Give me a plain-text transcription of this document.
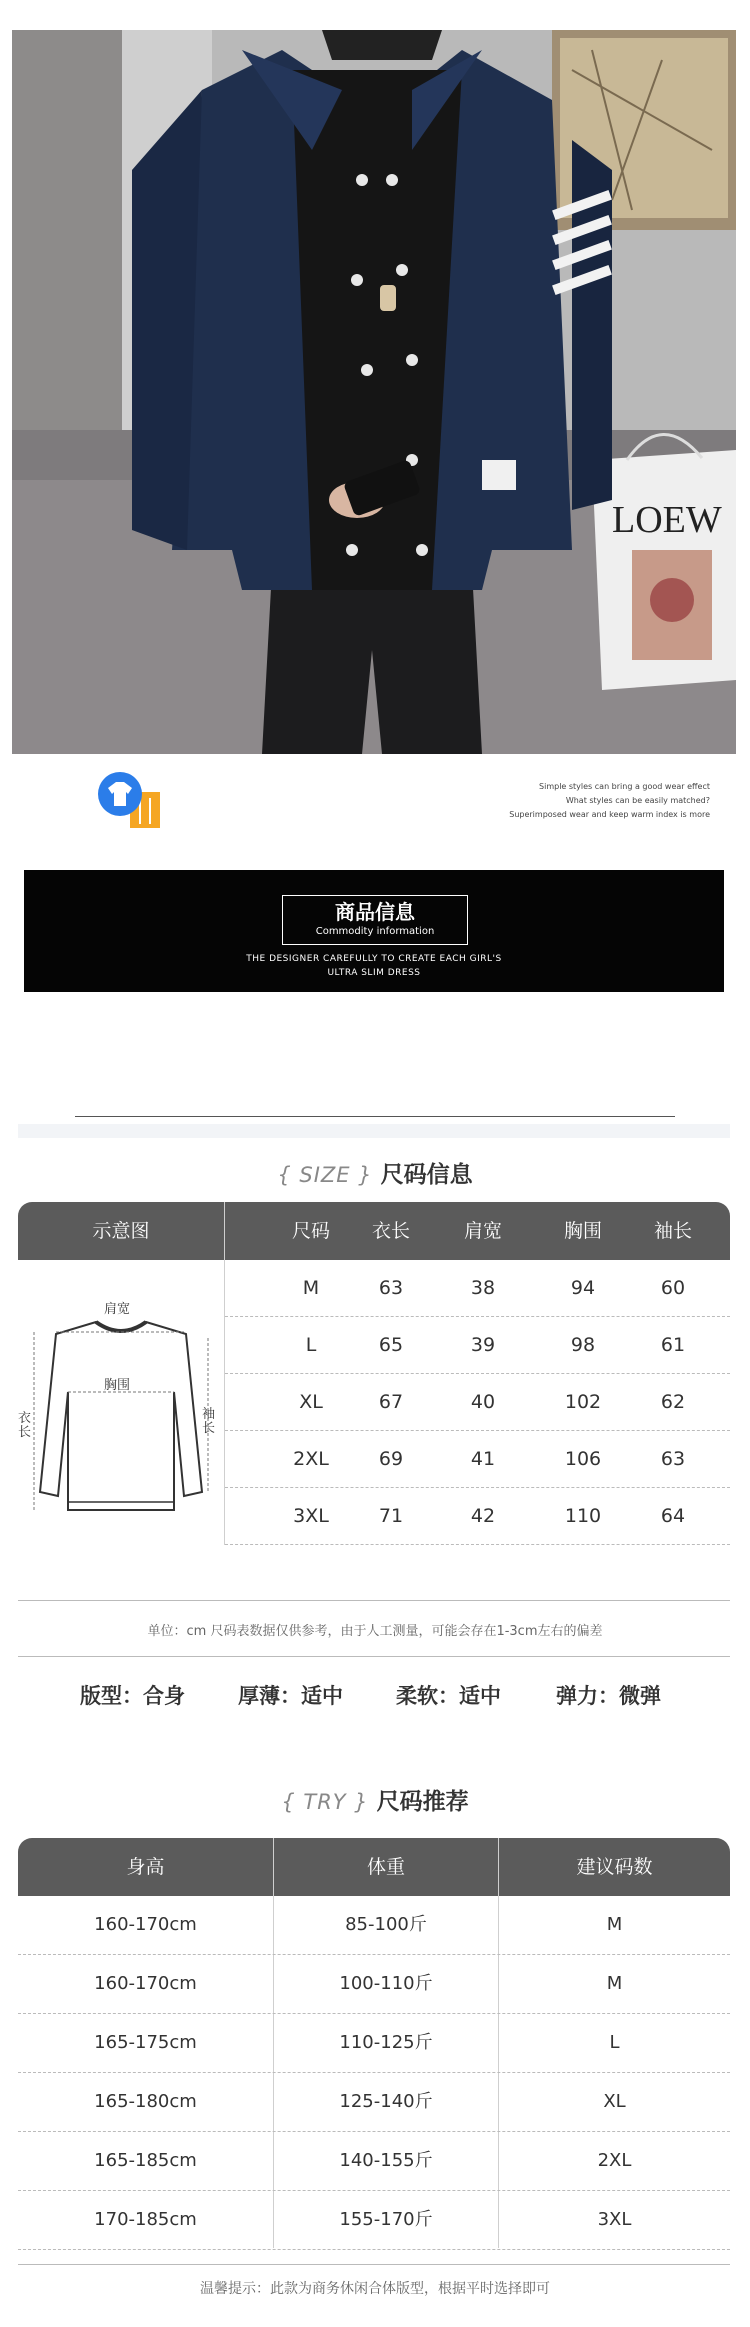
LOEW
Simple styles can bring a good wear effect
What styles can be easily matched?
Superimposed wear and keep warm index is more
商品信息
Commodity information
THE DESIGNER CAREFULLY TO CREATE EACH GIRL'S
ULTRA SLIM DRESS
{ SIZE } 尺码信息
示意图	尺码	衣长	肩宽	胸围	袖长
肩宽
胸围
衣长
袖长
M	63	38	94	60
L	65	39	98	61
XL	67	40	102	62
2XL	69	41	106	63
3XL	71	42	110	64
单位：cm 尺码表数据仅供参考，由于人工测量，可能会存在1-3cm左右的偏差
版型：合身	厚薄：适中	柔软：适中	弹力：微弹
{ TRY } 尺码推荐
身高	体重	建议码数
160-170cm	85-100斤	M
160-170cm	100-110斤	M
165-175cm	110-125斤	L
165-180cm	125-140斤	XL
165-185cm	140-155斤	2XL
170-185cm	155-170斤	3XL
温馨提示：此款为商务休闲合体版型，根据平时选择即可
